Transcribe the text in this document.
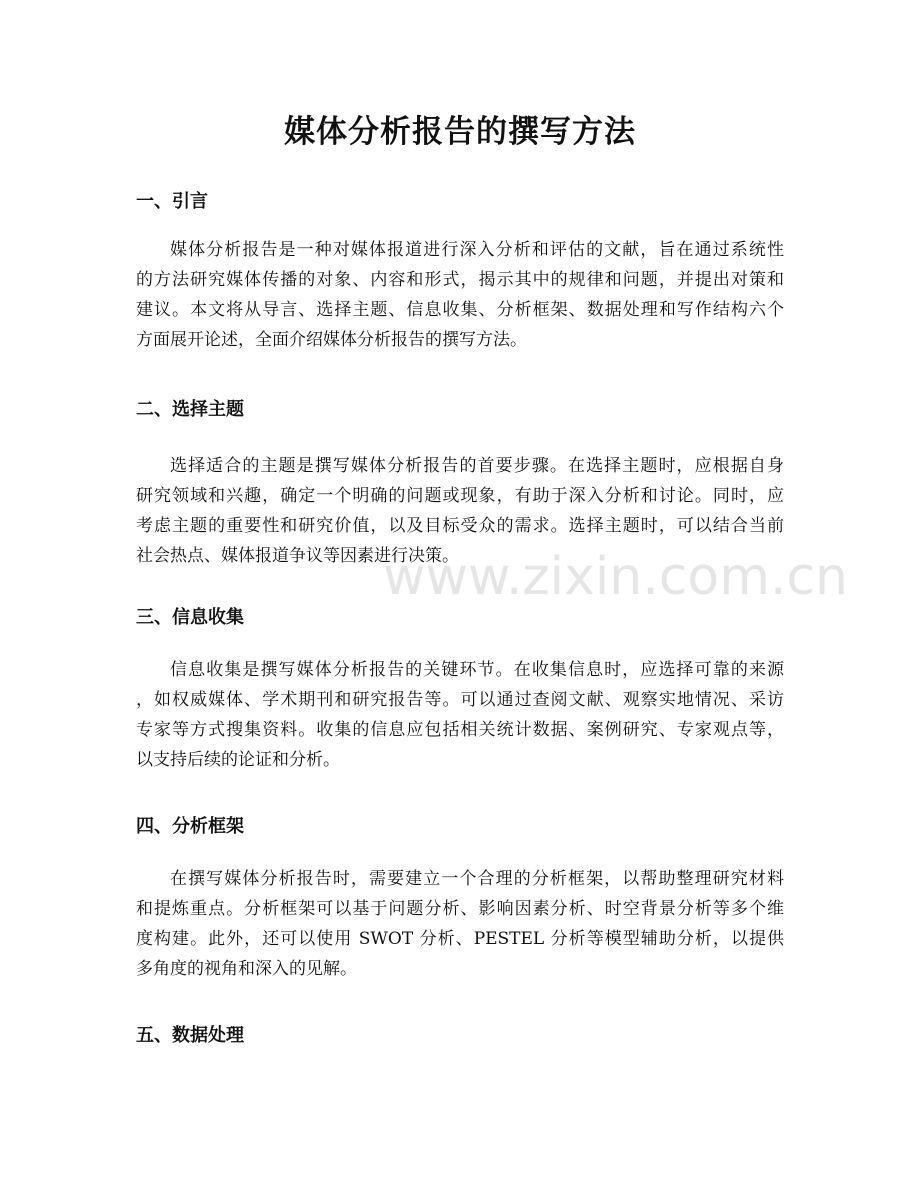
媒体分析报告的撰写方法
一、引言
媒体分析报告是一种对媒体报道进行深入分析和评估的文献，旨在通过系统性
的方法研究媒体传播的对象、内容和形式，揭示其中的规律和问题，并提出对策和
建议。本文将从导言、选择主题、信息收集、分析框架、数据处理和写作结构六个
方面展开论述，全面介绍媒体分析报告的撰写方法。
二、选择主题
选择适合的主题是撰写媒体分析报告的首要步骤。在选择主题时，应根据自身
研究领域和兴趣，确定一个明确的问题或现象，有助于深入分析和讨论。同时，应
考虑主题的重要性和研究价值，以及目标受众的需求。选择主题时，可以结合当前
社会热点、媒体报道争议等因素进行决策。
三、信息收集
信息收集是撰写媒体分析报告的关键环节。在收集信息时，应选择可靠的来源
，如权威媒体、学术期刊和研究报告等。可以通过查阅文献、观察实地情况、采访
专家等方式搜集资料。收集的信息应包括相关统计数据、案例研究、专家观点等，
以支持后续的论证和分析。
四、分析框架
在撰写媒体分析报告时，需要建立一个合理的分析框架，以帮助整理研究材料
和提炼重点。分析框架可以基于问题分析、影响因素分析、时空背景分析等多个维
度构建。此外，还可以使用 SWOT 分析、PESTEL 分析等模型辅助分析，以提供
多角度的视角和深入的见解。
五、数据处理
www.zixin.com.cn
